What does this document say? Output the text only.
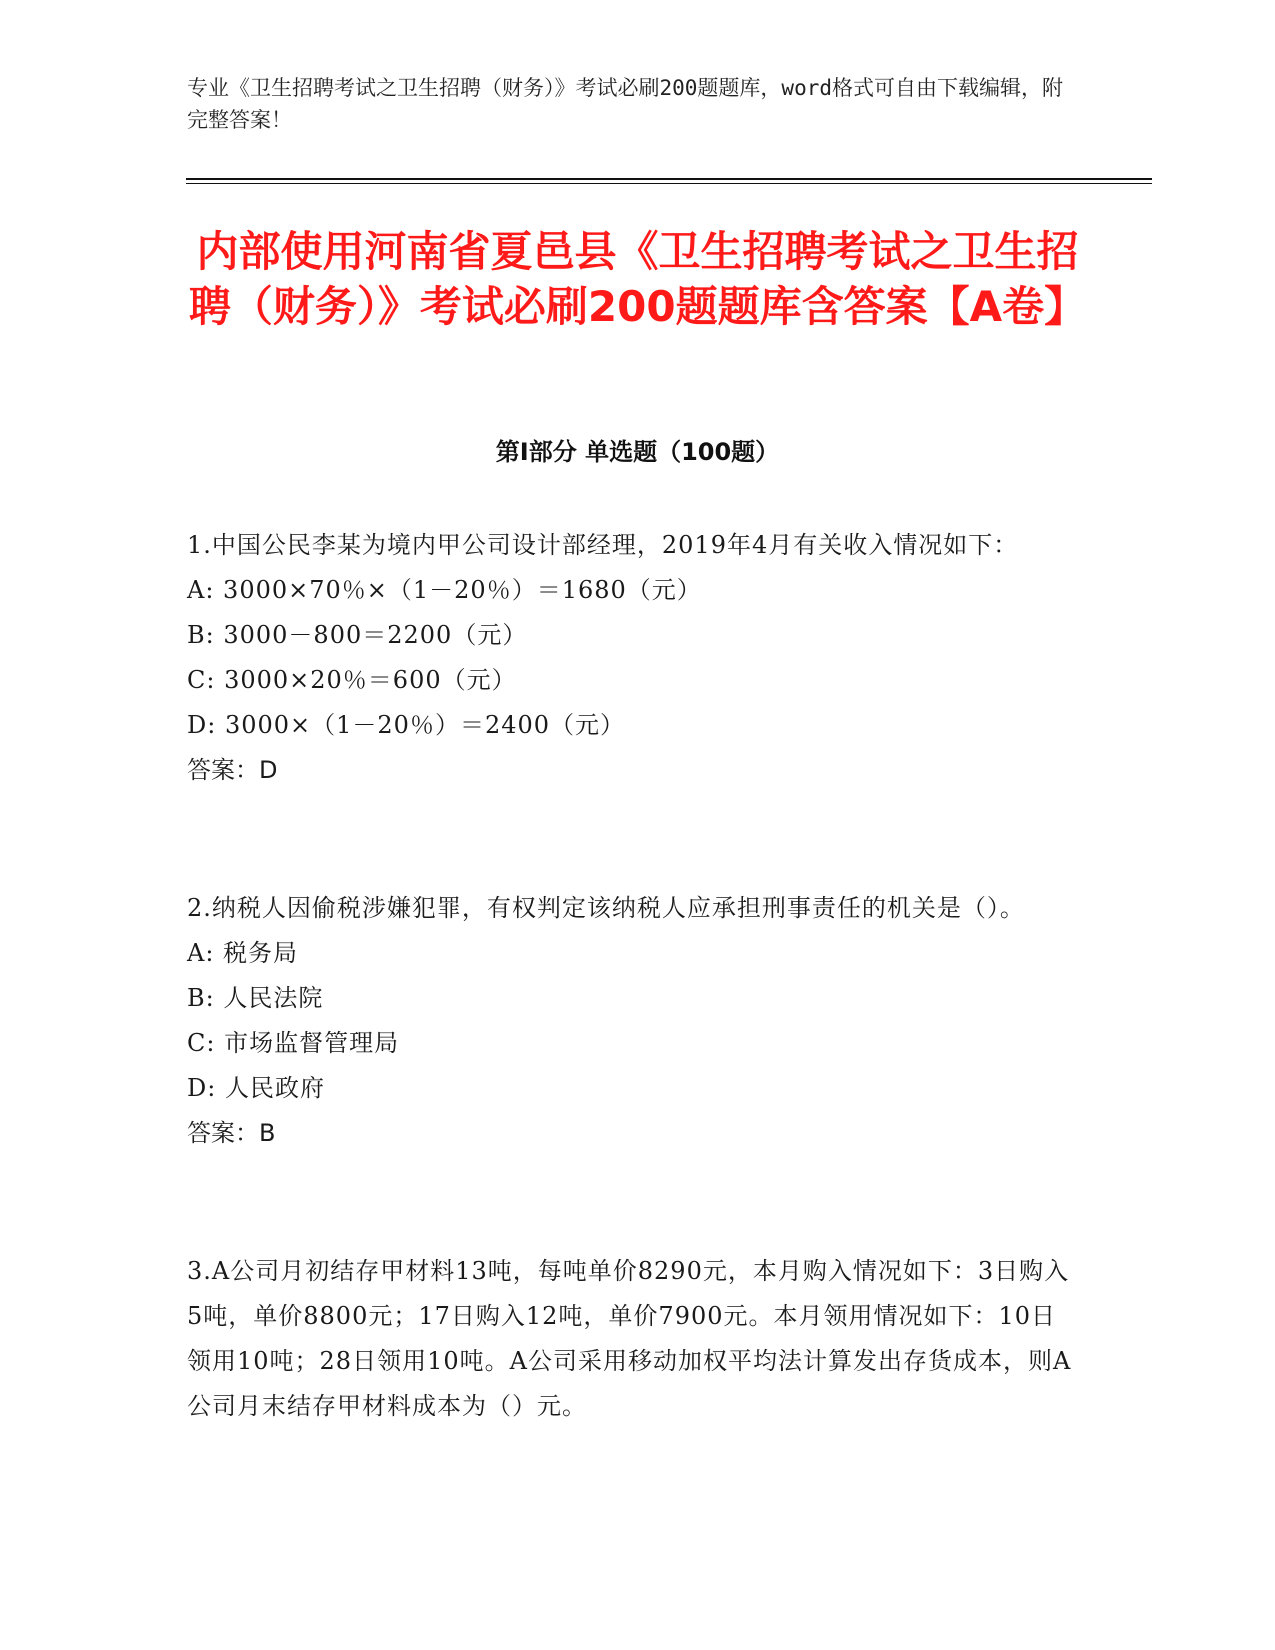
专业《卫生招聘考试之卫生招聘（财务）》考试必刷200题题库，word格式可自由下载编辑，附完整答案！

内部使用河南省夏邑县《卫生招聘考试之卫生招聘（财务）》考试必刷200题题库含答案【A卷】
第I部分 单选题（100题）

1.中国公民李某为境内甲公司设计部经理，2019年4月有关收入情况如下：

A: 3000×70％×（1－20％）＝1680（元）

B: 3000－800＝2200（元）

C: 3000×20％＝600（元）

D: 3000×（1－20％）＝2400（元）

答案：D

2.纳税人因偷税涉嫌犯罪，有权判定该纳税人应承担刑事责任的机关是（）。

A: 税务局

B: 人民法院

C: 市场监督管理局

D: 人民政府

答案：B

3.A公司月初结存甲材料13吨，每吨单价8290元，本月购入情况如下：3日购入5吨，单价8800元；17日购入12吨，单价7900元。本月领用情况如下：10日领用10吨；28日领用10吨。A公司采用移动加权平均法计算发出存货成本，则A公司月末结存甲材料成本为（）元。
